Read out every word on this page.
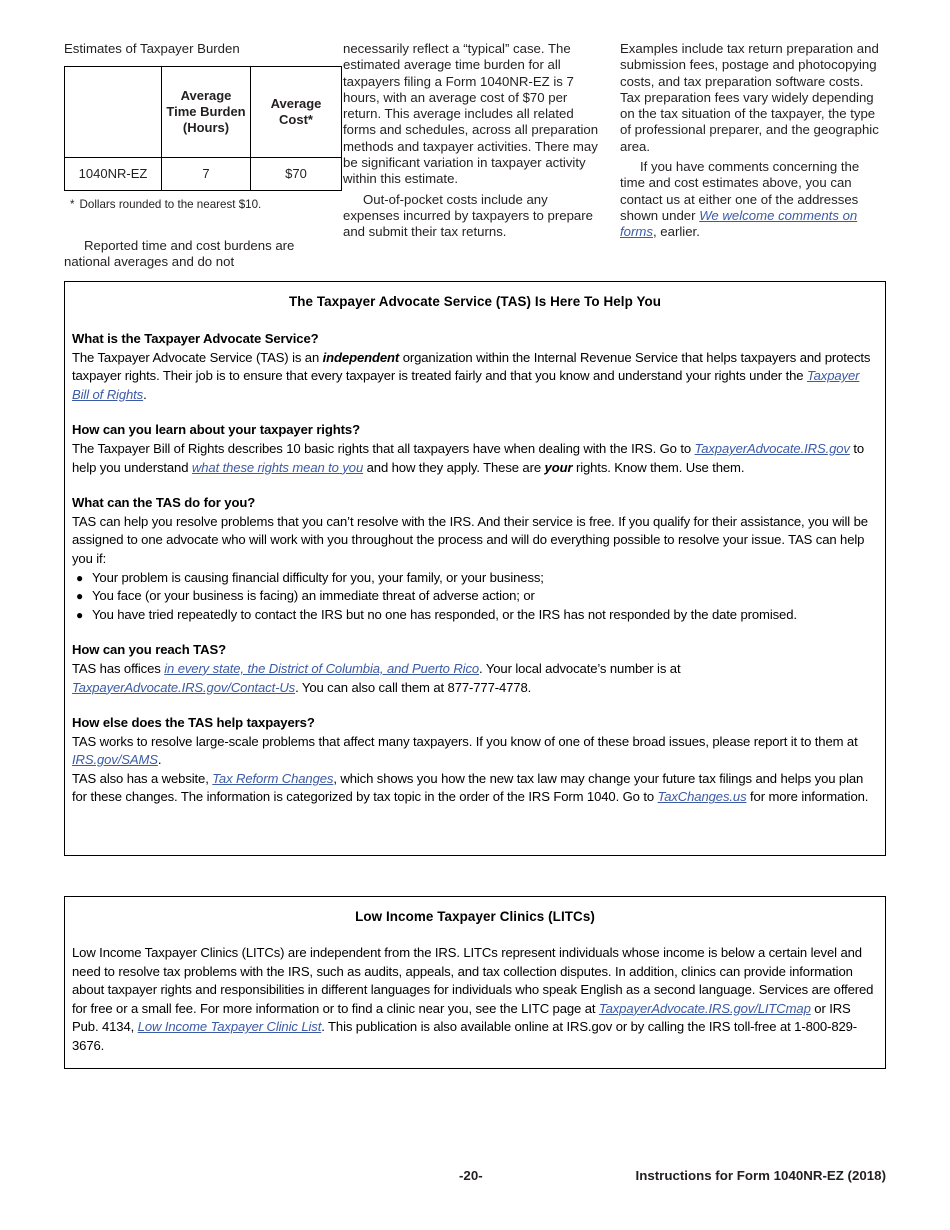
Estimates of Taxpayer Burden
	Average Time Burden (Hours)	Average Cost*
1040NR-EZ	7	$70
* Dollars rounded to the nearest $10.
Reported time and cost burdens are national averages and do not

necessarily reflect a “typical” case. The estimated average time burden for all taxpayers filing a Form 1040NR-EZ is 7 hours, with an average cost of $70 per return. This average includes all related forms and schedules, across all preparation methods and taxpayer activities. There may be significant variation in taxpayer activity within this estimate.

Out-of-pocket costs include any expenses incurred by taxpayers to prepare and submit their tax returns.

Examples include tax return preparation and submission fees, postage and photocopying costs, and tax preparation software costs. Tax preparation fees vary widely depending on the tax situation of the taxpayer, the type of professional preparer, and the geographic area.

If you have comments concerning the time and cost estimates above, you can contact us at either one of the addresses shown under We welcome comments on forms, earlier.

The Taxpayer Advocate Service (TAS) Is Here To Help You

What is the Taxpayer Advocate Service?

The Taxpayer Advocate Service (TAS) is an independent organization within the Internal Revenue Service that helps taxpayers and protects taxpayer rights. Their job is to ensure that every taxpayer is treated fairly and that you know and understand your rights under the Taxpayer Bill of Rights.

How can you learn about your taxpayer rights?

The Taxpayer Bill of Rights describes 10 basic rights that all taxpayers have when dealing with the IRS. Go to TaxpayerAdvocate.IRS.gov to help you understand what these rights mean to you and how they apply. These are your rights. Know them. Use them.

What can the TAS do for you?

TAS can help you resolve problems that you can’t resolve with the IRS. And their service is free. If you qualify for their assistance, you will be assigned to one advocate who will work with you throughout the process and will do everything possible to resolve your issue. TAS can help you if:

● Your problem is causing financial difficulty for you, your family, or your business;
● You face (or your business is facing) an immediate threat of adverse action; or
● You have tried repeatedly to contact the IRS but no one has responded, or the IRS has not responded by the date promised.

How can you reach TAS?

TAS has offices in every state, the District of Columbia, and Puerto Rico. Your local advocate’s number is at TaxpayerAdvocate.IRS.gov/Contact-Us. You can also call them at 877-777-4778.

How else does the TAS help taxpayers?

TAS works to resolve large-scale problems that affect many taxpayers. If you know of one of these broad issues, please report it to them at IRS.gov/SAMS.

TAS also has a website, Tax Reform Changes, which shows you how the new tax law may change your future tax filings and helps you plan for these changes. The information is categorized by tax topic in the order of the IRS Form 1040. Go to TaxChanges.us for more information.

Low Income Taxpayer Clinics (LITCs)

Low Income Taxpayer Clinics (LITCs) are independent from the IRS. LITCs represent individuals whose income is below a certain level and need to resolve tax problems with the IRS, such as audits, appeals, and tax collection disputes. In addition, clinics can provide information about taxpayer rights and responsibilities in different languages for individuals who speak English as a second language. Services are offered for free or a small fee. For more information or to find a clinic near you, see the LITC page at TaxpayerAdvocate.IRS.gov/LITCmap or IRS Pub. 4134, Low Income Taxpayer Clinic List. This publication is also available online at IRS.gov or by calling the IRS toll-free at 1-800-829-3676.

-20-	Instructions for Form 1040NR-EZ (2018)
